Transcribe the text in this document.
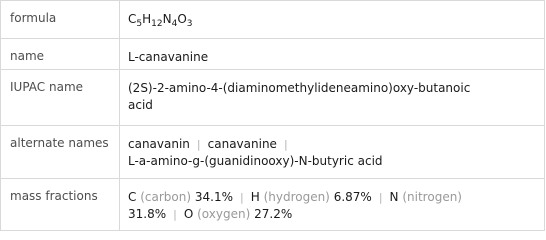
formula	$C_5H_{12}N_4O_3$
name	L-canavanine
IUPAC name	(2S)-2-amino-4-(diaminomethylideneamino)oxy-butanoic
acid
alternate names	canavanin | canavanine |
L-a-amino-g-(guanidinooxy)-N-butyric acid
mass fractions	C (carbon) 34.1% | H (hydrogen) 6.87% | N (nitrogen)
31.8% | O (oxygen) 27.2%
